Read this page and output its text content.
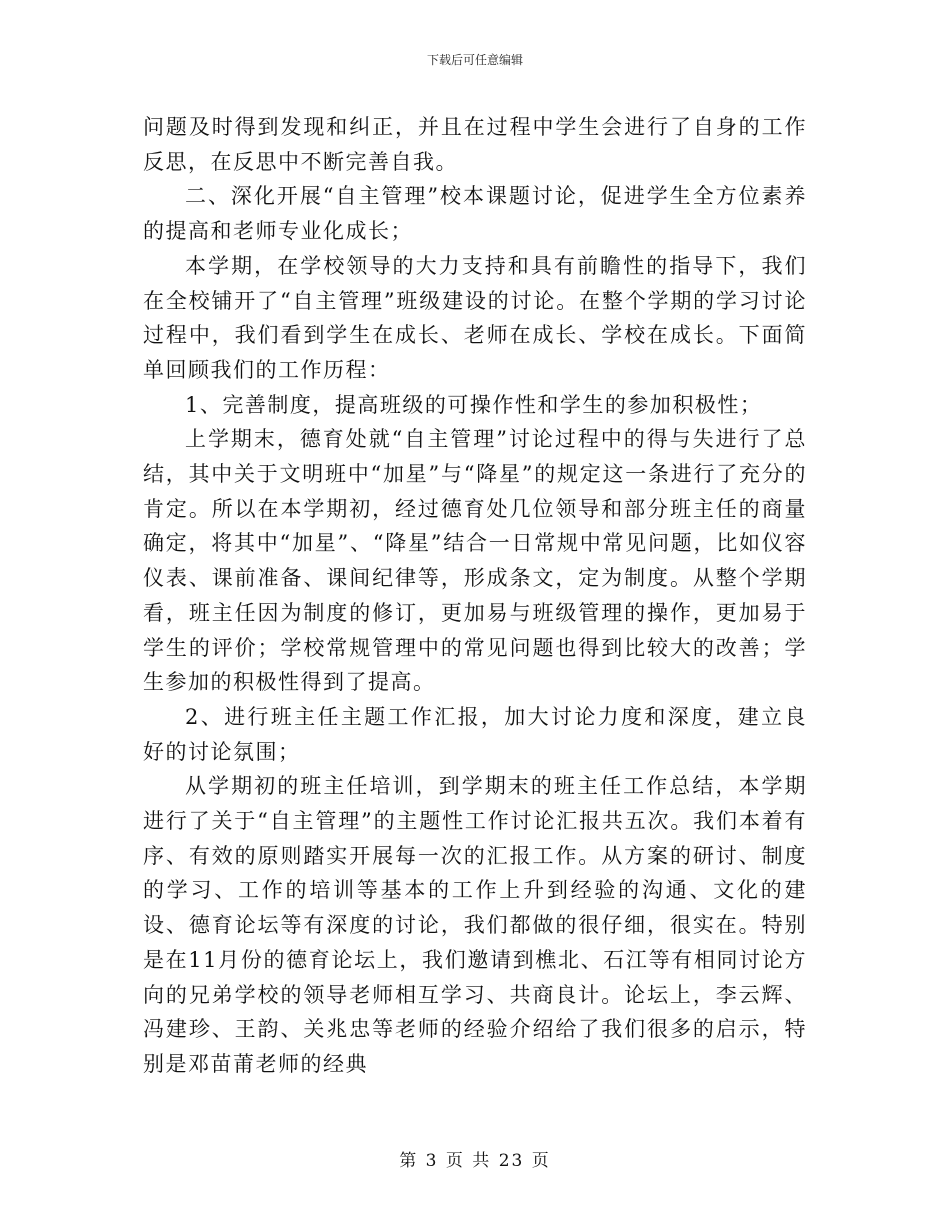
下载后可任意编辑

问题及时得到发现和纠正，并且在过程中学生会进行了自身的工作反思，在反思中不断完善自我。

二、深化开展“自主管理”校本课题讨论，促进学生全方位素养的提高和老师专业化成长；

本学期，在学校领导的大力支持和具有前瞻性的指导下，我们在全校铺开了“自主管理”班级建设的讨论。在整个学期的学习讨论过程中，我们看到学生在成长、老师在成长、学校在成长。下面简单回顾我们的工作历程：

1、完善制度，提高班级的可操作性和学生的参加积极性；

上学期末，德育处就“自主管理”讨论过程中的得与失进行了总结，其中关于文明班中“加星”与“降星”的规定这一条进行了充分的肯定。所以在本学期初，经过德育处几位领导和部分班主任的商量确定，将其中“加星”、“降星”结合一日常规中常见问题，比如仪容仪表、课前准备、课间纪律等，形成条文，定为制度。从整个学期看，班主任因为制度的修订，更加易与班级管理的操作，更加易于学生的评价；学校常规管理中的常见问题也得到比较大的改善；学生参加的积极性得到了提高。

2、进行班主任主题工作汇报，加大讨论力度和深度，建立良好的讨论氛围；

从学期初的班主任培训，到学期末的班主任工作总结，本学期进行了关于“自主管理”的主题性工作讨论汇报共五次。我们本着有序、有效的原则踏实开展每一次的汇报工作。从方案的研讨、制度的学习、工作的培训等基本的工作上升到经验的沟通、文化的建设、德育论坛等有深度的讨论，我们都做的很仔细，很实在。特别是在11月份的德育论坛上，我们邀请到樵北、石江等有相同讨论方向的兄弟学校的领导老师相互学习、共商良计。论坛上，李云辉、冯建珍、王韵、关兆忠等老师的经验介绍给了我们很多的启示，特别是邓苗莆老师的经典

第 3 页 共 23 页
